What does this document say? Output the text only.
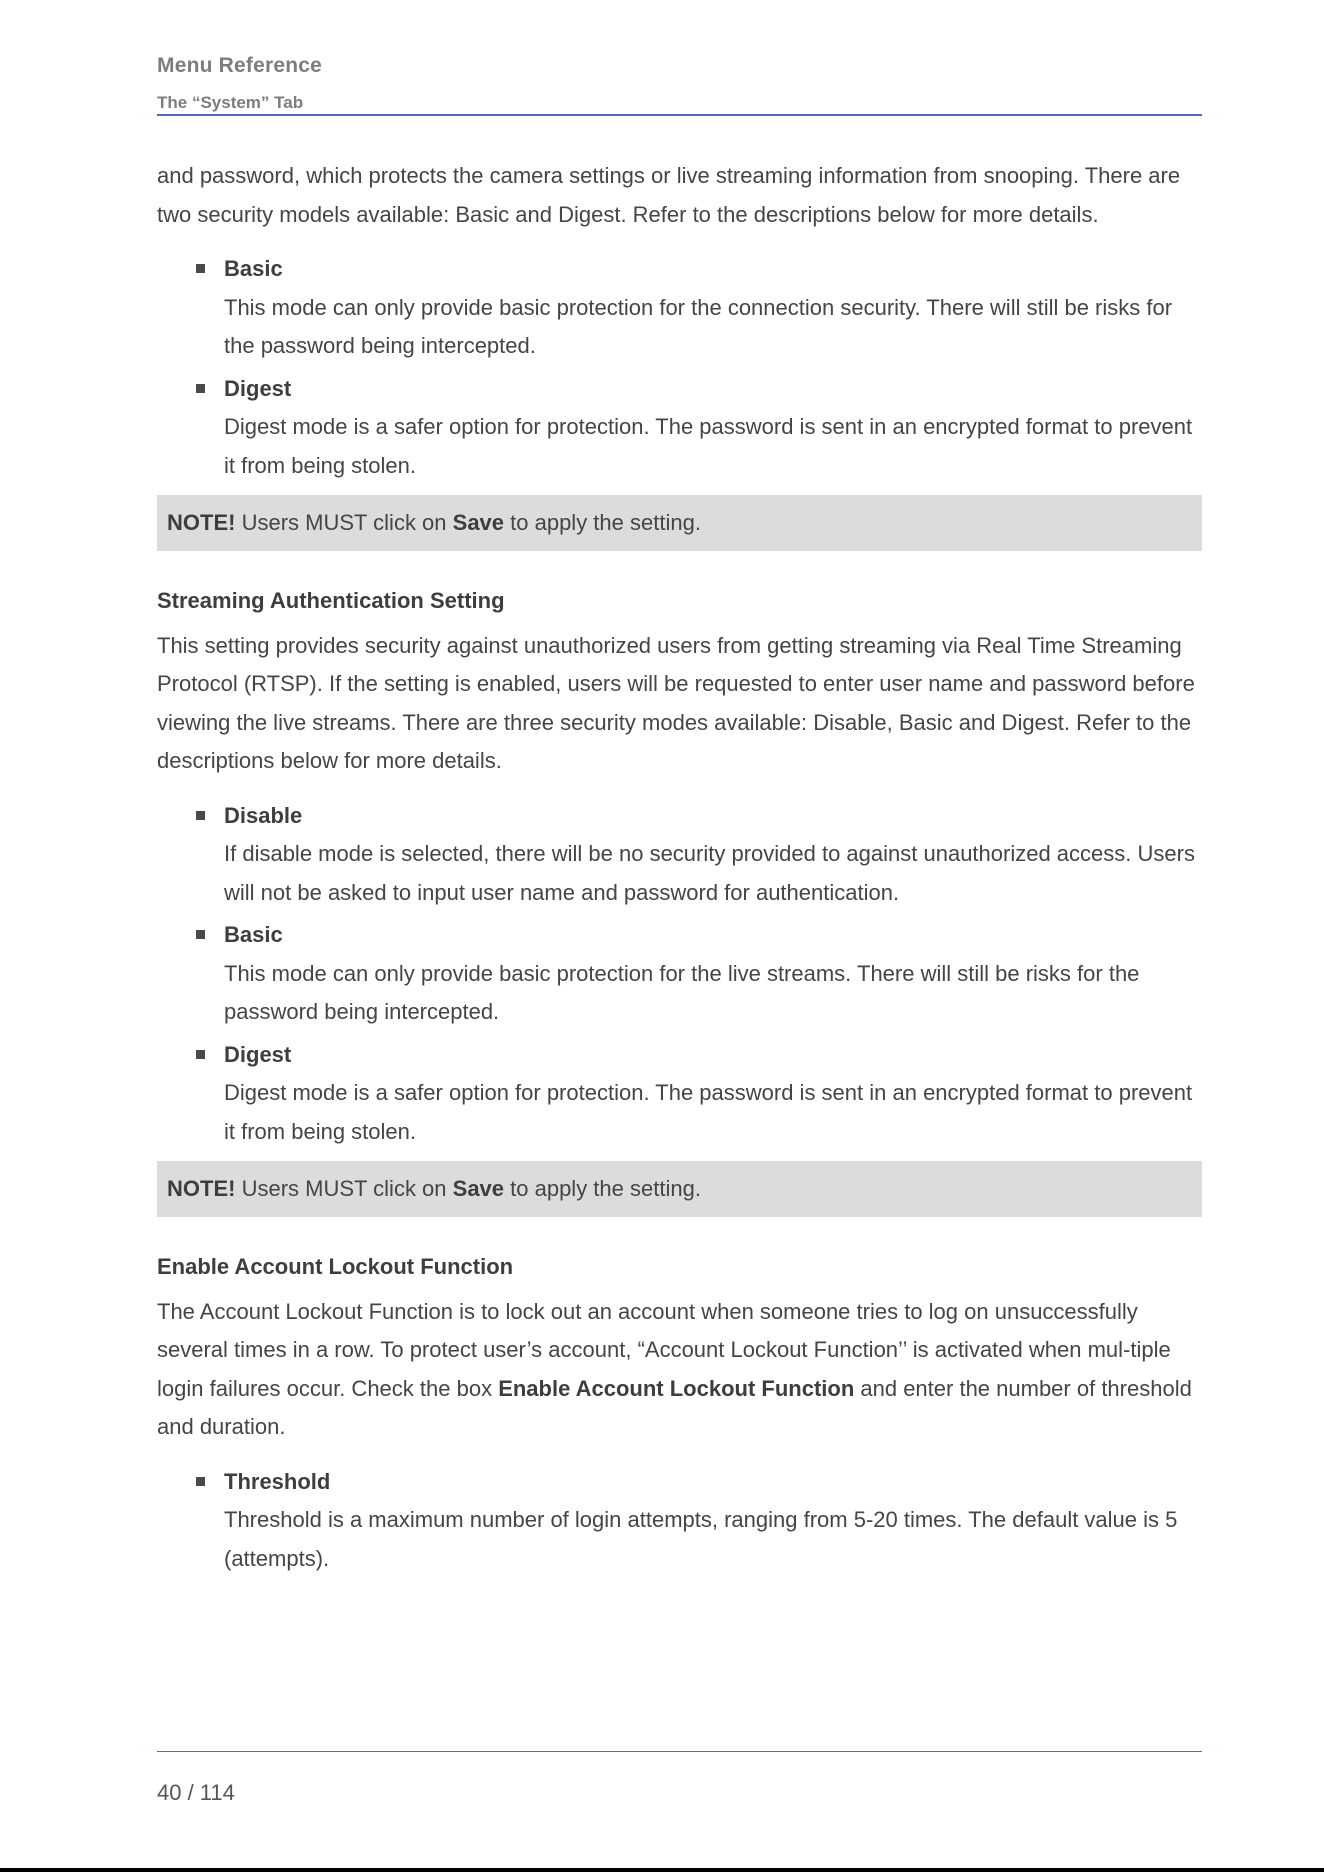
Menu Reference
The “System” Tab

and password, which protects the camera settings or live streaming information from snooping. There are two security models available: Basic and Digest. Refer to the descriptions below for more details.

Basic
This mode can only provide basic protection for the connection security. There will still be risks for the password being intercepted.
Digest
Digest mode is a safer option for protection. The password is sent in an encrypted format to prevent it from being stolen.
NOTE! Users MUST click on Save to apply the setting.

Streaming Authentication Setting

This setting provides security against unauthorized users from getting streaming via Real Time Streaming Protocol (RTSP). If the setting is enabled, users will be requested to enter user name and password before viewing the live streams. There are three security modes available: Disable, Basic and Digest. Refer to the descriptions below for more details.

Disable
If disable mode is selected, there will be no security provided to against unauthorized access. Users will not be asked to input user name and password for authentication.
Basic
This mode can only provide basic protection for the live streams. There will still be risks for the password being intercepted.
Digest
Digest mode is a safer option for protection. The password is sent in an encrypted format to prevent it from being stolen.
NOTE! Users MUST click on Save to apply the setting.

Enable Account Lockout Function

The Account Lockout Function is to lock out an account when someone tries to log on unsuccessfully several times in a row. To protect user’s account, “Account Lockout Function’’ is activated when mul-tiple login failures occur. Check the box Enable Account Lockout Function and enter the number of threshold and duration.

Threshold
Threshold is a maximum number of login attempts, ranging from 5-20 times. The default value is 5 (attempts).
40 / 114
